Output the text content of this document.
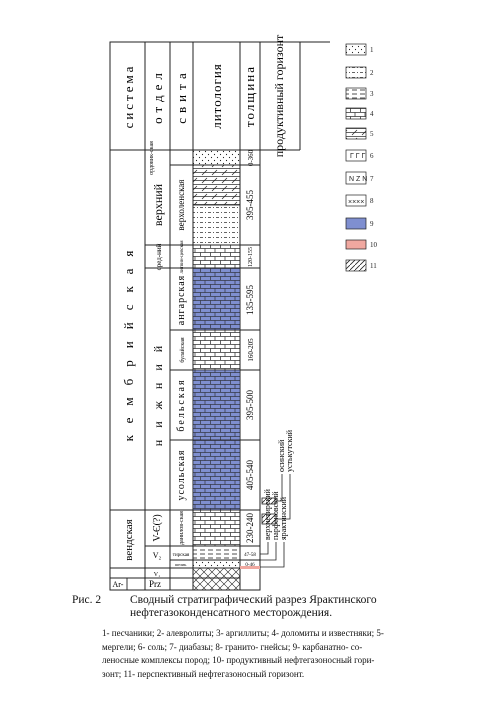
система отдел свита литология толщина продуктивный горизонт
кембрийская
вендская
Ar-	Prz
V-Є(?)
нижний
сред-ний
верхний
V₂
V₁
ордовик-ская
верхоленская
литвин-цевская
ангарская
булайская
бельская
усольская
данилов-ская
тирская
шелик.
0-360
395-455
120-155
135-595
160-205
395-500
405-540
230-240
47-58
0-46
верхнетирский парфеновский ярактинский
осинский устькутский
Г Г Г
N Z N
××××
1
2
3
4
5
6
7
8
9
10
11
Рис. 2	Сводный стратиграфический разрез Ярактинского нефтегазоконденсатного месторождения.
1- песчаники; 2- алевролиты; 3- аргиллиты; 4- доломиты и известняки; 5- мергели; 6- соль; 7- диабазы; 8- гранито- гнейсы; 9- карбанатно- со- леносные комплексы пород; 10- продуктивный нефтегазоносный гори- зонт; 11- перспективный нефтегазоносный горизонт.
